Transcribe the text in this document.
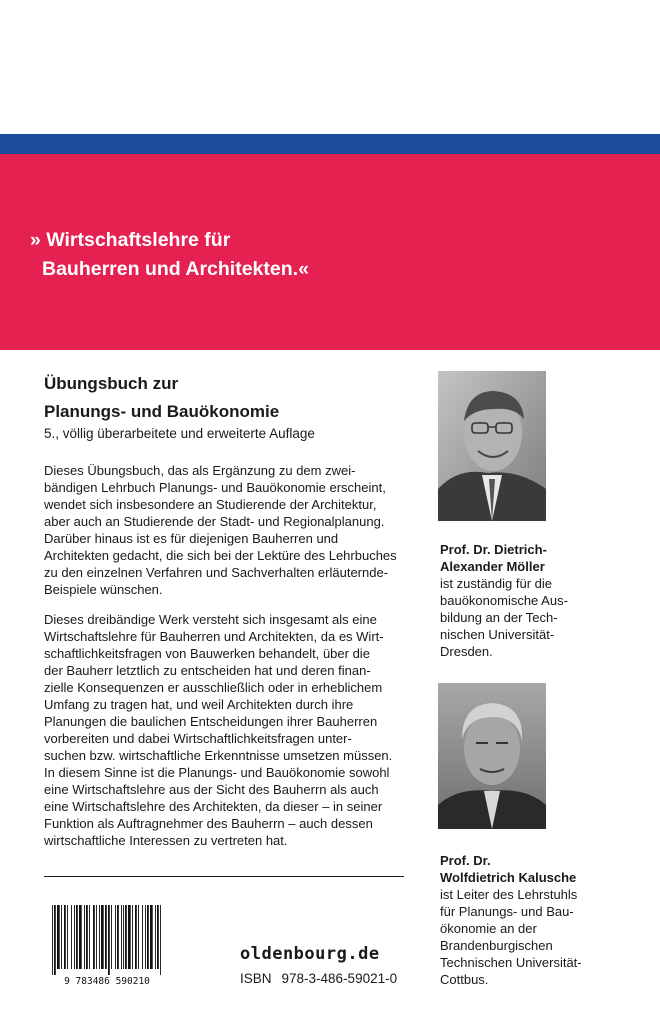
» Wirtschaftslehre für
Bauherren und Architekten.«
Übungsbuch zur
Planungs- und Bauökonomie
5., völlig überarbeitete und erweiterte Auflage

Dieses Übungsbuch, das als Ergänzung zu dem zwei-
bändigen Lehrbuch Planungs- und Bauökonomie erscheint,
wendet sich insbesondere an Studierende der Architektur,
aber auch an Studierende der Stadt- und Regionalplanung.
Darüber hinaus ist es für diejenigen Bauherren und
Architekten gedacht, die sich bei der Lektüre des Lehrbuches
zu den einzelnen Verfahren und Sachverhalten erläuternde-
Beispiele wünschen.

Dieses dreibändige Werk versteht sich insgesamt als eine
Wirtschaftslehre für Bauherren und Architekten, da es Wirt-
schaftlichkeitsfragen von Bauwerken behandelt, über die
der Bauherr letztlich zu entscheiden hat und deren finan-
zielle Konsequenzen er ausschließlich oder in erheblichem
Umfang zu tragen hat, und weil Architekten durch ihre
Planungen die baulichen Entscheidungen ihrer Bauherren
vorbereiten und dabei Wirtschaftlichkeitsfragen unter-
suchen bzw. wirtschaftliche Erkenntnisse umsetzen müssen.
In diesem Sinne ist die Planungs- und Bauökonomie sowohl
eine Wirtschaftslehre aus der Sicht des Bauherrn als auch
eine Wirtschaftslehre des Architekten, da dieser – in seiner
Funktion als Auftragnehmer des Bauherrn – auch dessen
wirtschaftliche Interessen zu vertreten hat.

9 783486 590210
oldenbourg.de
ISBN 978-3-486-59021-0
Prof. Dr. Dietrich-
Alexander Möller
ist zuständig für die
bauökonomische Aus-
bildung an der Tech-
nischen Universität-
Dresden.
Prof. Dr.
Wolfdietrich Kalusche
ist Leiter des Lehrstuhls
für Planungs- und Bau-
ökonomie an der
Brandenburgischen
Technischen Universität-
Cottbus.
